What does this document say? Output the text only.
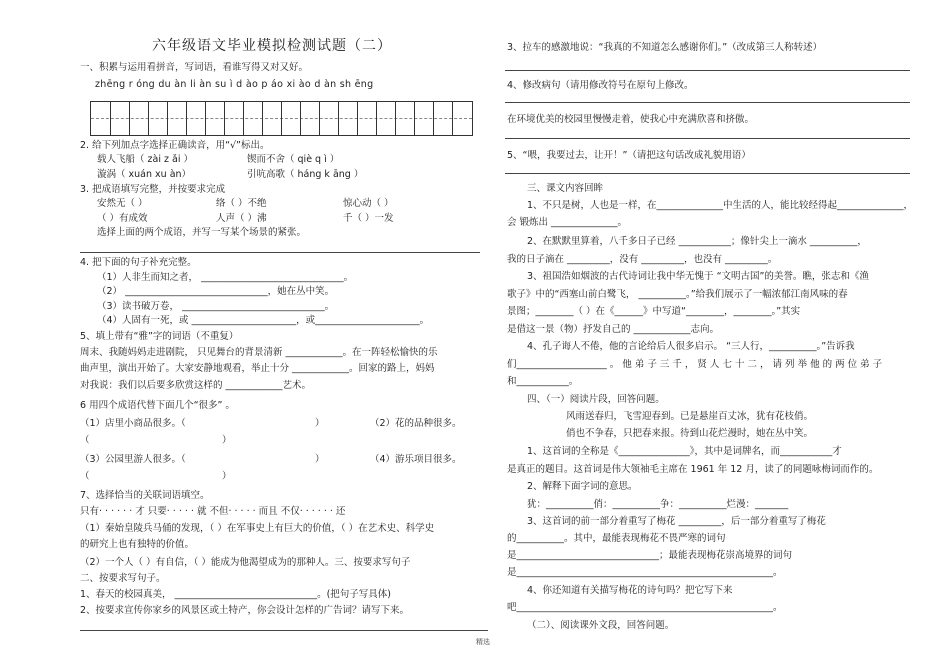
六年级语文毕业模拟检测试题（二）
一、积累与运用看拼音，写词语，看谁写得又对又好。
zhēng r óng du àn li àn su ì d ào p áo xi ào d àn sh ēng
2. 给下列加点字选择正确读音，用“√”标出。
载人飞船（ zài z ǎi ）	锲而不舍（ qiè q ì ）
漩涡（ xuán xu àn）	引吭高歌（ háng k āng ）
3. 把成语填写完整，并按要求完成
安然无（ ）	络（ ）不绝	惊心动（ ）
（ ）有成效	人声（ ）沸	千（ ）一发
选择上面的两个成语，并写一写某个场景的紧张。
4. 把下面的句子补充完整。
（1）人非生而知之者， ______________________________。
（2） ______________________________，她在丛中笑。
（3）读书破万卷， ______________________________。
（4）人固有一死，或 ______________________，或______________________。
5、填上带有“雅”字的词语（不重复）
周末、我随妈妈走进剧院， 只见舞台的背景清新 ____________。在一阵轻松愉快的乐
曲声里，演出开始了。大家安静地观看，举止十分 ____________。回家的路上，妈妈
对我说：我们以后要多欣赏这样的 ____________艺术。
6 用四个成语代替下面几个“很多” 。
（1）店里小商品很多。（	）	（2）花的品种很多。
（	）
（3）公园里游人很多。（	）	（4）游乐项目很多。
（	）
7、选择恰当的关联词语填空。
只有· · · · · · 才 只要· · · · · 就 不但· · · · · 而且 不仅· · · · · · 还
（1）秦始皇陵兵马俑的发现，（ ）在军事史上有巨大的价值，（ ）在艺术史、科学史
的研究上也有独特的价值。
（2）一个人（ ）有自信，（ ）能成为他渴望成为的那种人。三、按要求写句子
二、按要求写句子。
1、春天的校园真美， ______________________________。(把句子写具体)
2、按要求宣传你家乡的风景区或土特产，你会设计怎样的广告词？请写下来。
3、拉车的感激地说：“我真的不知道怎么感谢你们。”（改成第三人称转述）
4、修改病句（请用修改符号在原句上修改。
在环境优美的校园里慢慢走着，使我心中充满欣喜和挤傲。
5、“喂，我要过去，让开！”（请把这句话改成礼貌用语）
三、课文内容回眸
1、不只是树，人也是一样，在______________中生活的人，能比较经得起______________，
会 锻炼出 ______________。
2、在默默里算着，八千多日子已经 ___________；像针尖上一滴水 __________，
我的日子滴在 _________，没有 _________，也没有 _________。
3、祖国浩如烟波的古代诗词让我中华无愧于 “文明古国”的美誉。瞧，张志和《渔
歌子》中的“西塞山前白鹭飞， __________。”给我们展示了一幅浓郁江南风味的春
景图；________（ ）在《______》中写道“________，________。”其实
是借这一景（物）抒发自己的 ____________志向。
4、孔子诲人不倦，他的言论给后人很多启示。 “三人行，__________。”告诉我
们___________________ 。 他 弟 子 三 千 ， 贤 人 七 十 二 ， 请 列 举 他 的 两 位 弟 子
和___________。
四、（一）阅读片段，回答问题。
风雨送春归，飞雪迎春到。已是悬崖百丈冰，犹有花枝俏。
俏也不争春，只把春来报。待到山花烂漫时，她在丛中笑。
1、这首词的全称是《_______________》，其中是词牌名，而___________才
是真正的题目。这首词是伟大领袖毛主席在 1961 年 12 月，读了的同题咏梅词而作的。
2、解释下面字词的意思。
犹：__________俏：__________争：__________烂漫：_______
3、这首词的前一部分着重写了梅花 _________，后一部分着重写了梅花
的__________。其中，最能表现梅花不畏严寒的词句
是______________________________；最能表现梅花崇高境界的词句
是______________________________________________________。
4、你还知道有关描写梅花的诗句吗？把它写下来
吧______________________________________________________。
（二）、阅读课外文段，回答问题。
精选
